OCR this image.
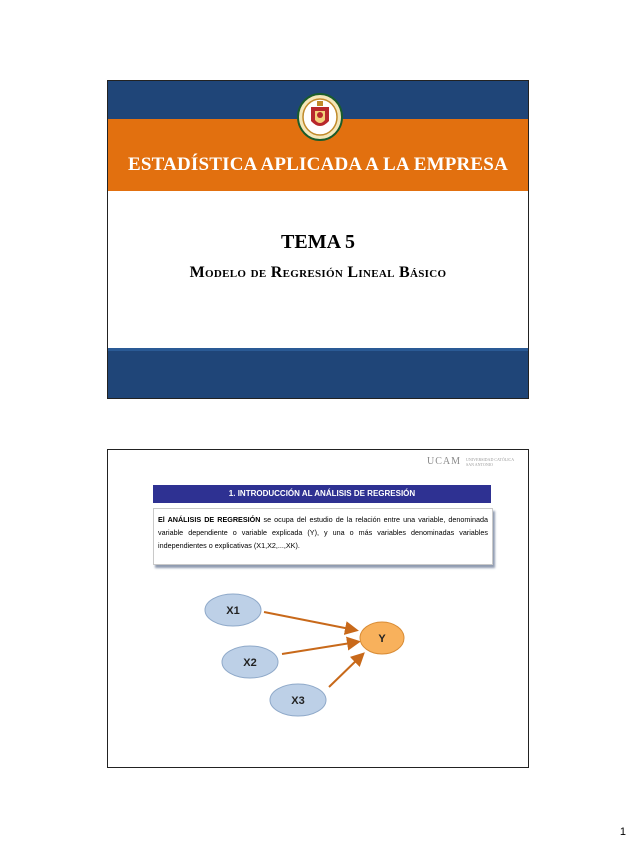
ESTADÍSTICA APLICADA A LA EMPRESA
TEMA 5
Modelo de Regresión Lineal Básico
UCAM UNIVERSIDAD CATÓLICA SAN ANTONIO
1. INTRODUCCIÓN AL ANÁLISIS DE REGRESIÓN
El ANÁLISIS DE REGRESIÓN se ocupa del estudio de la relación entre una variable, denominada variable dependiente o variable explicada (Y), y una o más variables denominadas variables independientes o explicativas (X1,X2,...,XK).
X1
X2
X3
Y
1
